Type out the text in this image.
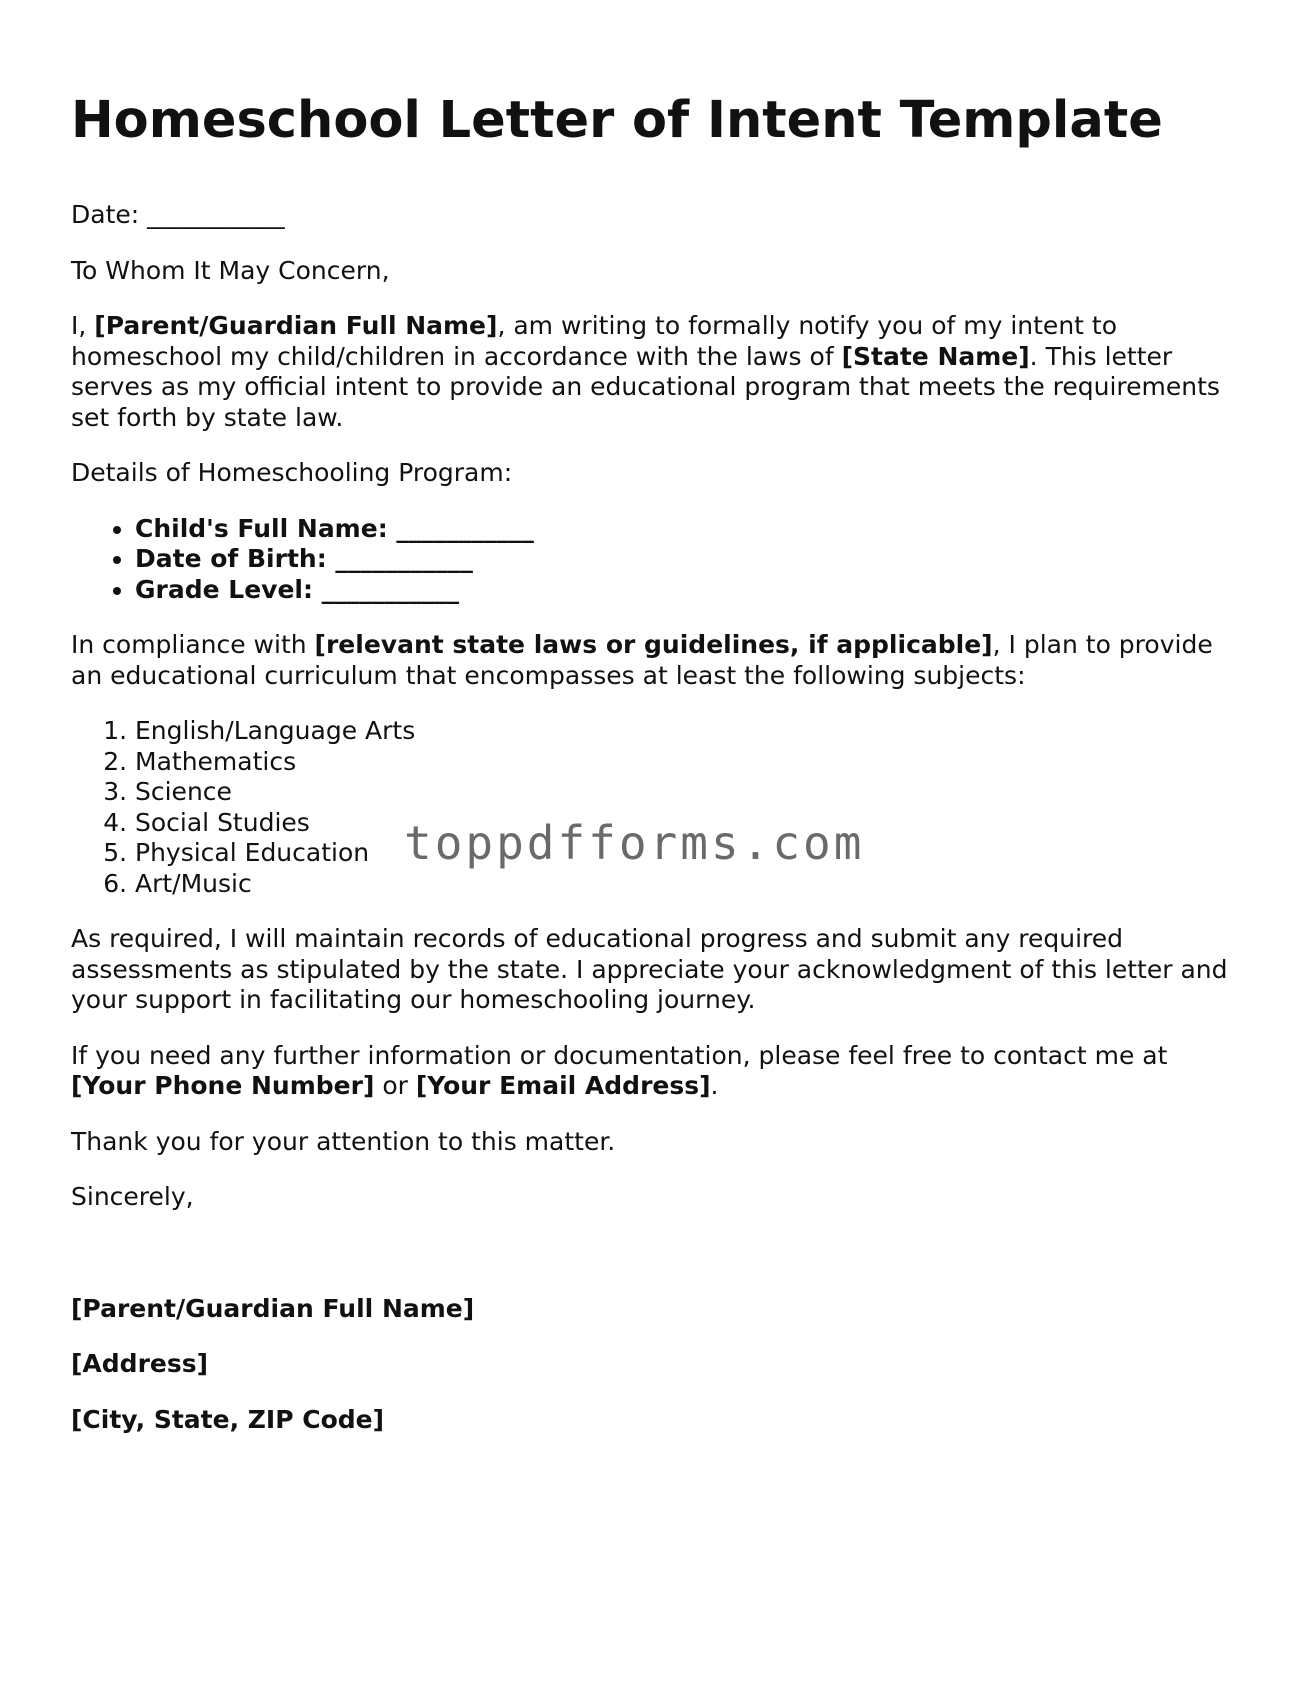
Homeschool Letter of Intent Template

Date: ___________

To Whom It May Concern,

I, [Parent/Guardian Full Name], am writing to formally notify you of my intent to homeschool my child/children in accordance with the laws of [State Name]. This letter serves as my official intent to provide an educational program that meets the requirements set forth by state law.

Details of Homeschooling Program:

• Child's Full Name: ___________
• Date of Birth: ___________
• Grade Level: ___________

In compliance with [relevant state laws or guidelines, if applicable], I plan to provide an educational curriculum that encompasses at least the following subjects:

1. English/Language Arts
2. Mathematics
3. Science
4. Social Studies
5. Physical Education
6. Art/Music

As required, I will maintain records of educational progress and submit any required assessments as stipulated by the state. I appreciate your acknowledgment of this letter and your support in facilitating our homeschooling journey.

If you need any further information or documentation, please feel free to contact me at [Your Phone Number] or [Your Email Address].

Thank you for your attention to this matter.

Sincerely,

[Parent/Guardian Full Name]

[Address]

[City, State, ZIP Code]

toppdfforms.com
